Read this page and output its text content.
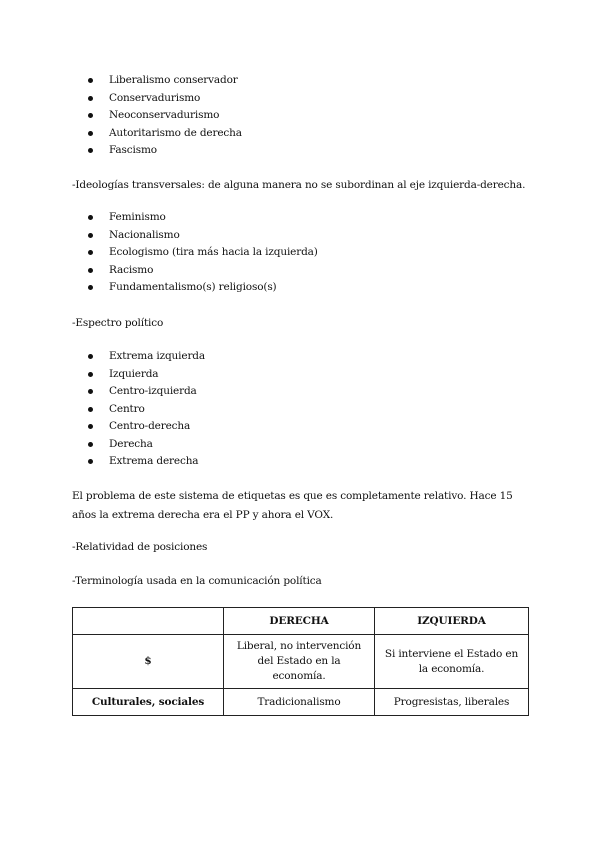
Liberalismo conservador
Conservadurismo
Neoconservadurismo
Autoritarismo de derecha
Fascismo
-Ideologías transversales: de alguna manera no se subordinan al eje izquierda-derecha.
Feminismo
Nacionalismo
Ecologismo (tira más hacia la izquierda)
Racismo
Fundamentalismo(s) religioso(s)
-Espectro político
Extrema izquierda
Izquierda
Centro-izquierda
Centro
Centro-derecha
Derecha
Extrema derecha
El problema de este sistema de etiquetas es que es completamente relativo. Hace 15 años la extrema derecha era el PP y ahora el VOX.
-Relatividad de posiciones
-Terminología usada en la comunicación política
	DERECHA	IZQUIERDA
$	Liberal, no intervención del Estado en la economía.	Si interviene el Estado en la economía.
Culturales, sociales	Tradicionalismo	Progresistas, liberales
